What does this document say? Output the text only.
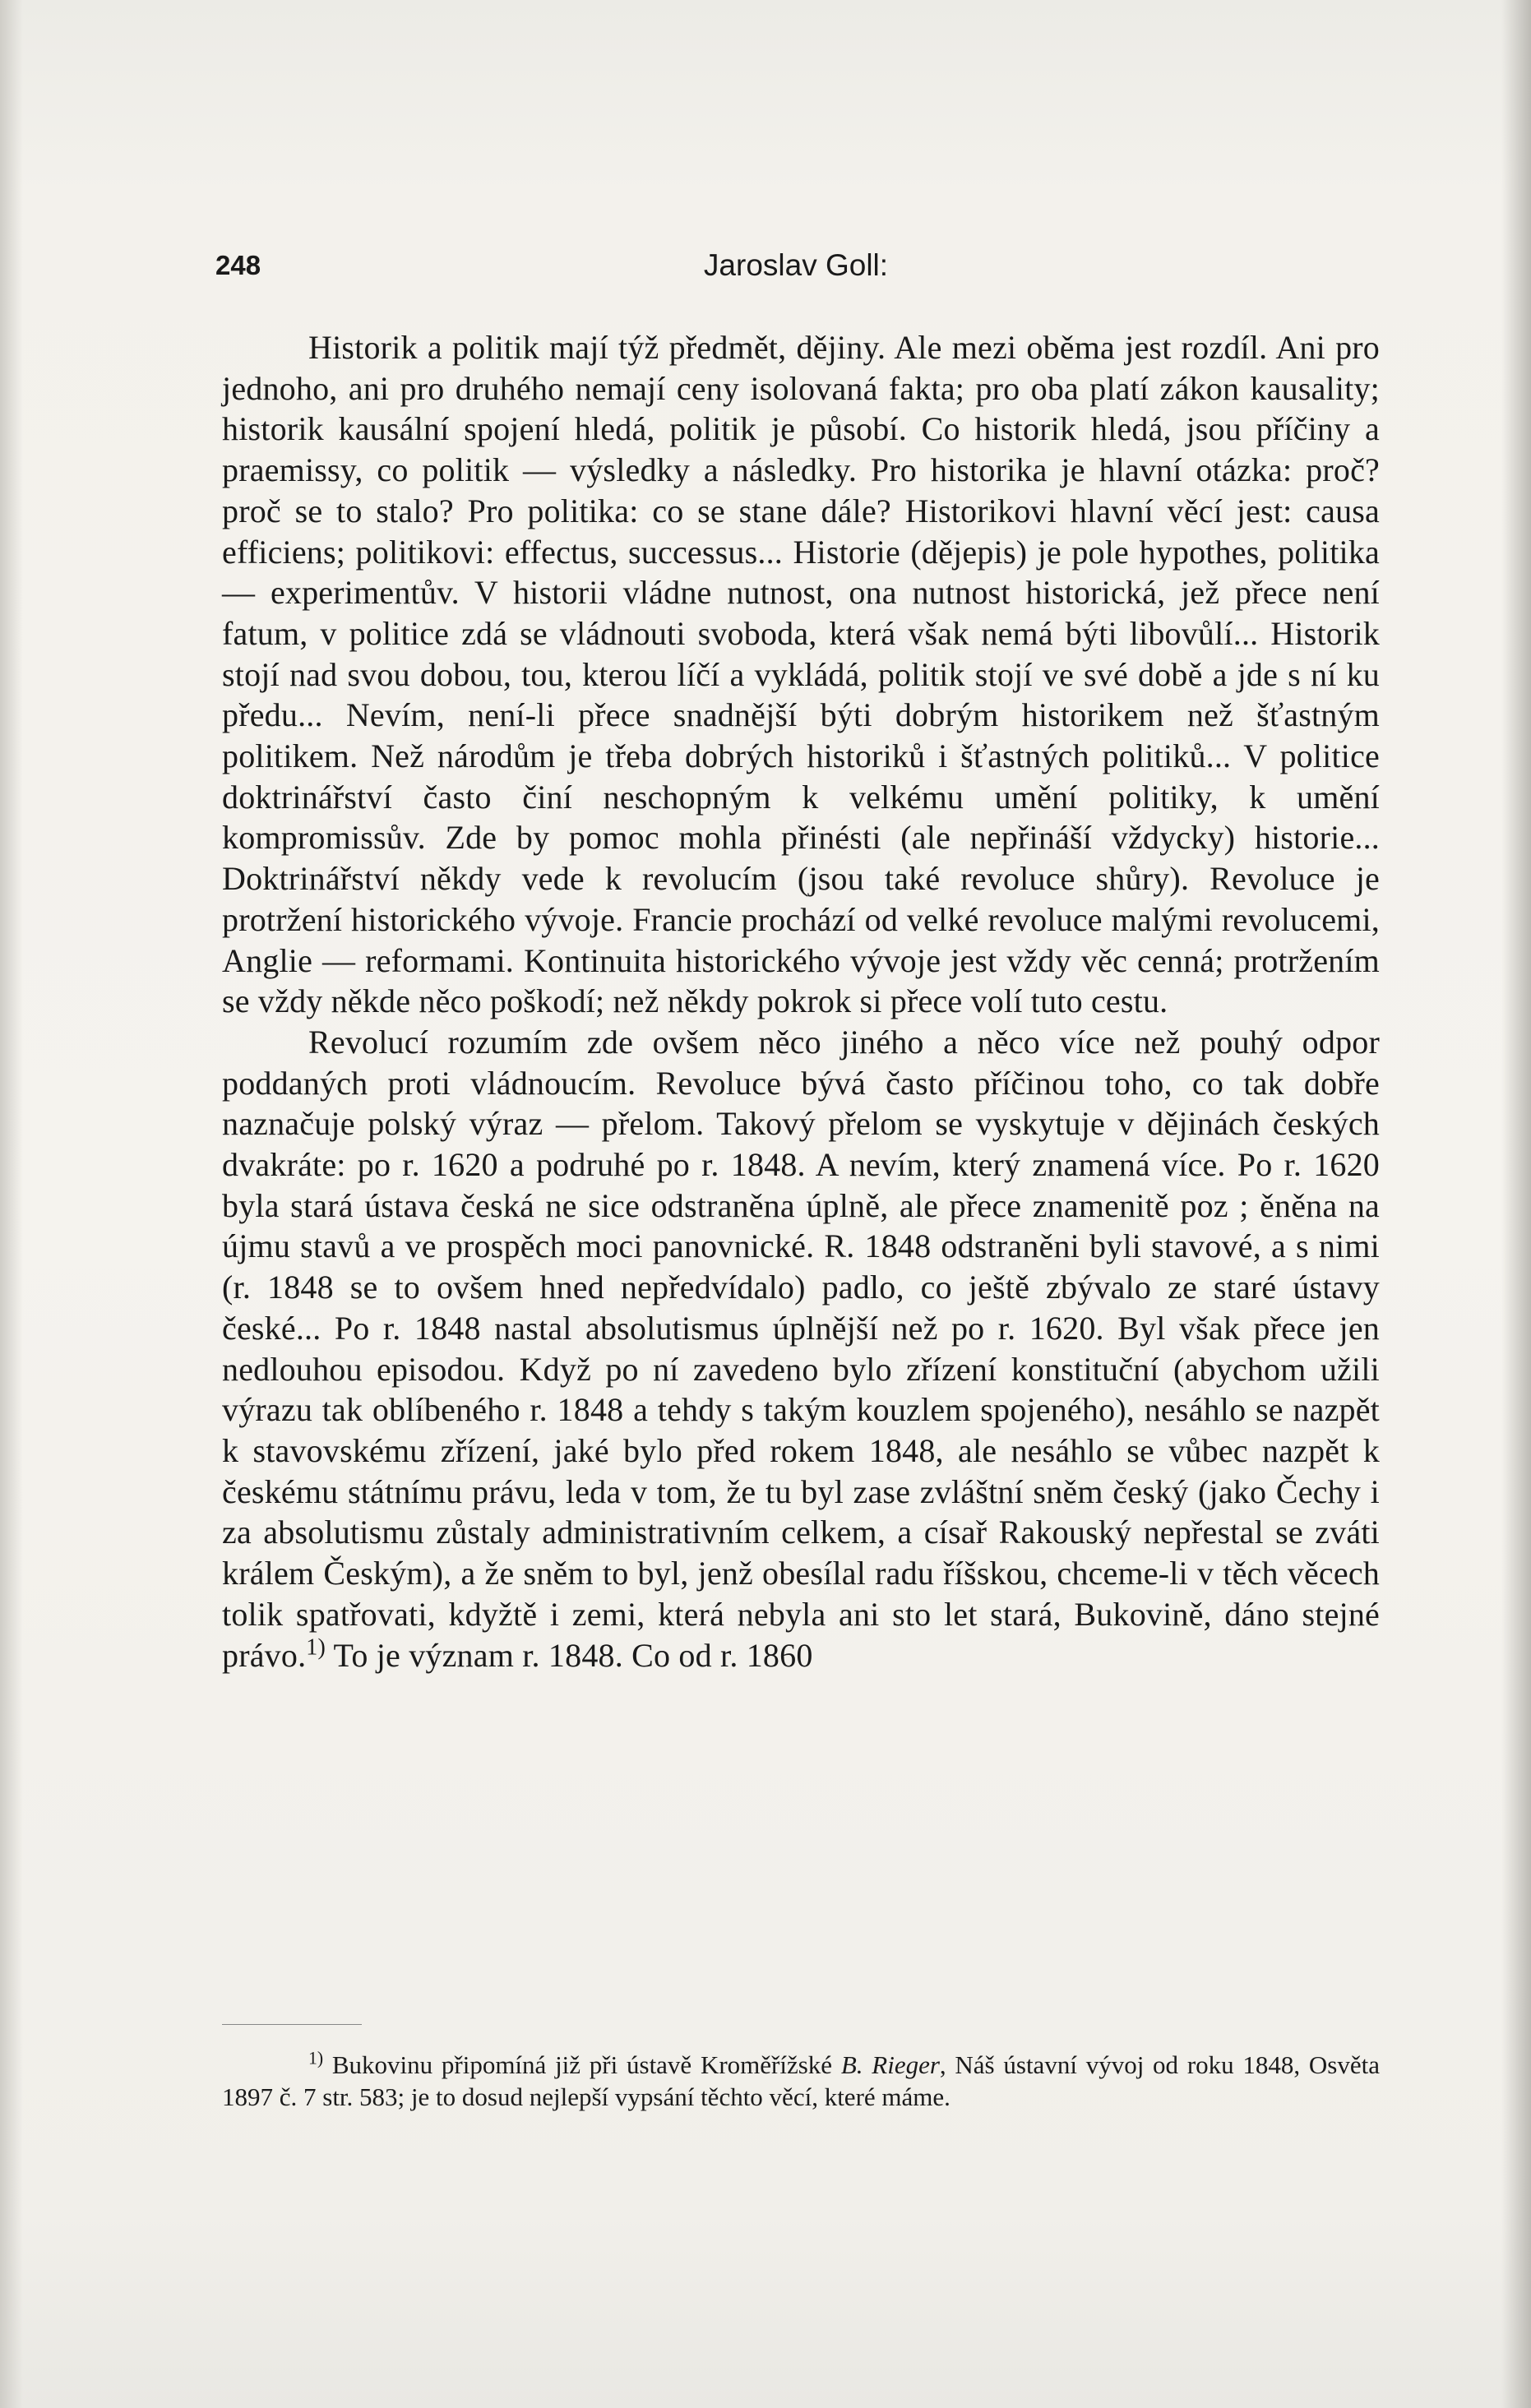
248	Jaroslav Goll:

Historik a politik mají týž předmět, dějiny. Ale mezi oběma jest rozdíl. Ani pro jednoho, ani pro druhého nemají ceny isolovaná fakta; pro oba platí zákon kausality; historik kausální spojení hledá, politik je působí. Co historik hledá, jsou příčiny a praemissy, co politik — výsledky a následky. Pro historika je hlavní otázka: proč? proč se to stalo? Pro politika: co se stane dále? Historikovi hlavní věcí jest: causa efficiens; politikovi: effectus, successus... Historie (dějepis) je pole hypothes, politika — experimentův. V historii vládne nutnost, ona nutnost historická, jež přece není fatum, v politice zdá se vládnouti svoboda, která však nemá býti libovůlí... Historik stojí nad svou dobou, tou, kterou líčí a vykládá, politik stojí ve své době a jde s ní ku předu... Nevím, není-li přece snadnější býti dobrým historikem než šťastným politikem. Než národům je třeba dobrých historiků i šťastných politiků... V politice doktrinářství často činí neschopným k velkému umění politiky, k umění kompromissův. Zde by pomoc mohla přinésti (ale nepřináší vždycky) historie... Doktrinářství někdy vede k revolucím (jsou také revoluce shůry). Revoluce je protržení historického vývoje. Francie prochází od velké revoluce malými revolucemi, Anglie — reformami. Kontinuita historického vývoje jest vždy věc cenná; protržením se vždy někde něco poškodí; než někdy pokrok si přece volí tuto cestu.

Revolucí rozumím zde ovšem něco jiného a něco více než pouhý odpor poddaných proti vládnoucím. Revoluce bývá často příčinou toho, co tak dobře naznačuje polský výraz — přelom. Takový přelom se vyskytuje v dějinách českých dvakráte: po r. 1620 a podruhé po r. 1848. A nevím, který znamená více. Po r. 1620 byla stará ústava česká ne sice odstraněna úplně, ale přece znamenitě poz ; ěněna na újmu stavů a ve prospěch moci panovnické. R. 1848 odstraněni byli stavové, a s nimi (r. 1848 se to ovšem hned nepředvídalo) padlo, co ještě zbývalo ze staré ústavy české... Po r. 1848 nastal absolutismus úplnější než po r. 1620. Byl však přece jen nedlouhou episodou. Když po ní zavedeno bylo zřízení konstituční (abychom užili výrazu tak oblíbeného r. 1848 a tehdy s takým kouzlem spojeného), nesáhlo se nazpět k stavovskému zřízení, jaké bylo před rokem 1848, ale nesáhlo se vůbec nazpět k českému státnímu právu, leda v tom, že tu byl zase zvláštní sněm český (jako Čechy i za absolutismu zůstaly administrativním celkem, a císař Rakouský nepřestal se zváti králem Českým), a že sněm to byl, jenž obesílal radu říšskou, chceme-li v těch věcech tolik spatřovati, kdyžtě i zemi, která nebyla ani sto let stará, Bukovině, dáno stejné právo.$^{1)}$ To je význam r. 1848. Co od r. 1860

$^{1)}$ Bukovinu připomíná již při ústavě Kroměřížské B. Rieger, Náš ústavní vývoj od roku 1848, Osvěta 1897 č. 7 str. 583; je to dosud nejlepší vypsání těchto věcí, které máme.
